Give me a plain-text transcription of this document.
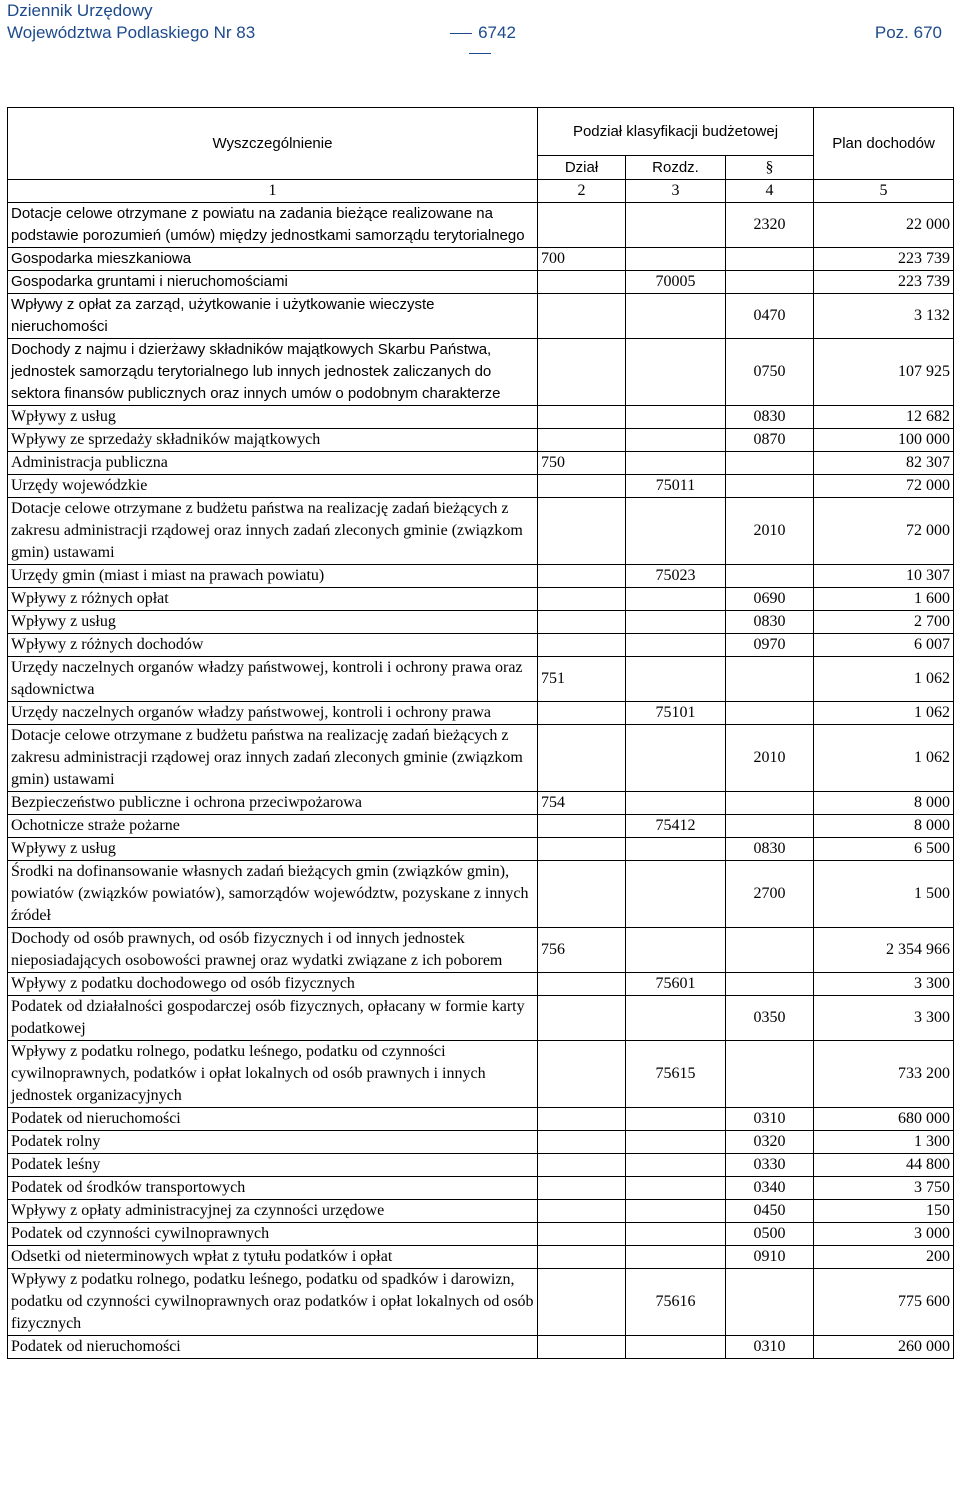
Dziennik Urzędowy
Województwa Podlaskiego Nr 83	6742	Poz. 670
Wyszczególnienie	Podział klasyfikacji budżetowej			Plan dochodów
	Dział	Rozdz.	§	
1	2	3	4	5
Dotacje celowe otrzymane z powiatu na zadania bieżące realizowane na podstawie porozumień (umów) między jednostkami samorządu terytorialnego			2320	22 000
Gospodarka mieszkaniowa	700			223 739
Gospodarka gruntami i nieruchomościami		70005		223 739
Wpływy z opłat za zarząd, użytkowanie i użytkowanie wieczyste nieruchomości			0470	3 132
Dochody z najmu i dzierżawy składników majątkowych Skarbu Państwa, jednostek samorządu terytorialnego lub innych jednostek zaliczanych do sektora finansów publicznych oraz innych umów o podobnym charakterze			0750	107 925
Wpływy z usług			0830	12 682
Wpływy ze sprzedaży składników majątkowych			0870	100 000
Administracja publiczna	750			82 307
Urzędy wojewódzkie		75011		72 000
Dotacje celowe otrzymane z budżetu państwa na realizację zadań bieżących z zakresu administracji rządowej oraz innych zadań zleconych gminie (związkom gmin) ustawami			2010	72 000
Urzędy gmin (miast i miast na prawach powiatu)		75023		10 307
Wpływy z różnych opłat			0690	1 600
Wpływy z usług			0830	2 700
Wpływy z różnych dochodów			0970	6 007
Urzędy naczelnych organów władzy państwowej, kontroli i ochrony prawa oraz sądownictwa	751			1 062
Urzędy naczelnych organów władzy państwowej, kontroli i ochrony prawa		75101		1 062
Dotacje celowe otrzymane z budżetu państwa na realizację zadań bieżących z zakresu administracji rządowej oraz innych zadań zleconych gminie (związkom gmin) ustawami			2010	1 062
Bezpieczeństwo publiczne i ochrona przeciwpożarowa	754			8 000
Ochotnicze straże pożarne		75412		8 000
Wpływy z usług			0830	6 500
Środki na dofinansowanie własnych zadań bieżących gmin (związków gmin), powiatów (związków powiatów), samorządów województw, pozyskane z innych źródeł			2700	1 500
Dochody od osób prawnych, od osób fizycznych i od innych jednostek nieposiadających osobowości prawnej oraz wydatki związane z ich poborem	756			2 354 966
Wpływy z podatku dochodowego od osób fizycznych		75601		3 300
Podatek od działalności gospodarczej osób fizycznych, opłacany w formie karty podatkowej			0350	3 300
Wpływy z podatku rolnego, podatku leśnego, podatku od czynności cywilnoprawnych, podatków i opłat lokalnych od osób prawnych i innych jednostek organizacyjnych		75615		733 200
Podatek od nieruchomości			0310	680 000
Podatek rolny			0320	1 300
Podatek leśny			0330	44 800
Podatek od środków transportowych			0340	3 750
Wpływy z opłaty administracyjnej za czynności urzędowe			0450	150
Podatek od czynności cywilnoprawnych			0500	3 000
Odsetki od nieterminowych wpłat z tytułu podatków i opłat			0910	200
Wpływy z podatku rolnego, podatku leśnego, podatku od spadków i darowizn, podatku od czynności cywilnoprawnych oraz podatków i opłat lokalnych od osób fizycznych		75616		775 600
Podatek od nieruchomości			0310	260 000
